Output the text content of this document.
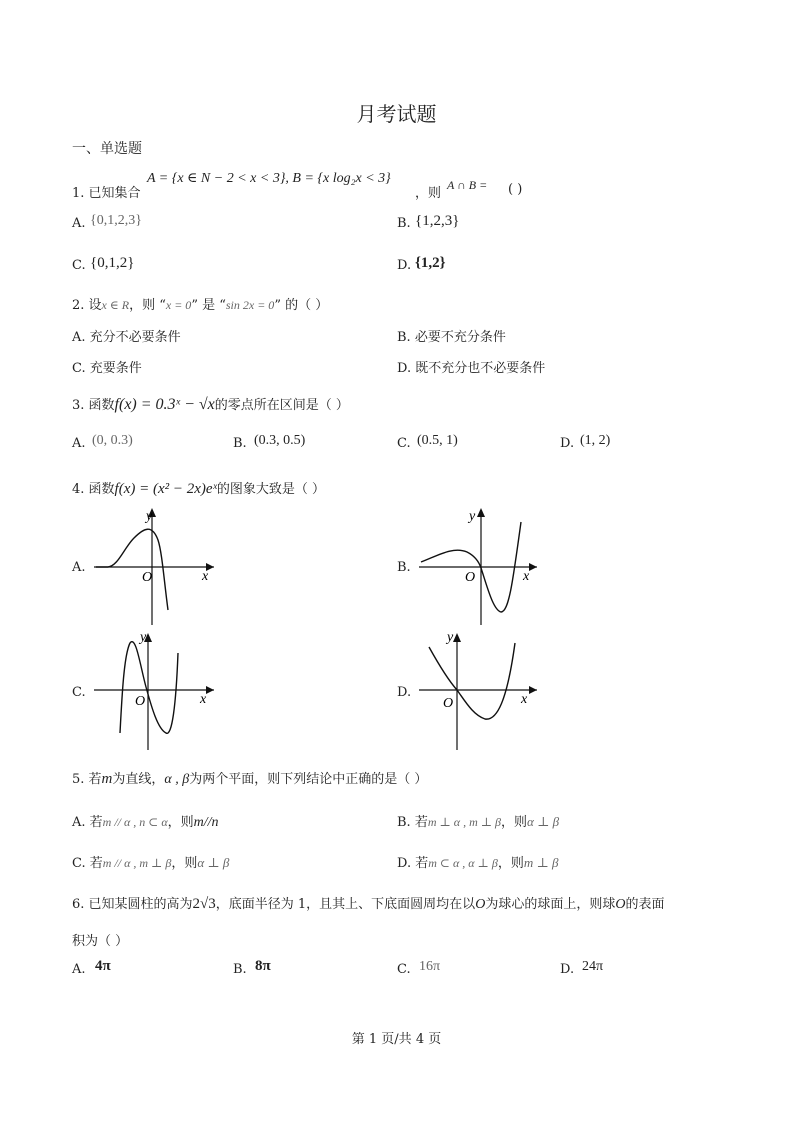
月考试题
一、单选题
1. 已知集合
A = {x ∈ N − 2 < x < 3}, B = {x log₂x < 3}
，则
A ∩ B = ( )
A. {0,1,2,3}	B. {1,2,3}
C. {0,1,2}	D. {1,2}
2. 设x ∈ R，则 “x = 0” 是 “sin 2x = 0” 的（ ）
A. 充分不必要条件	B. 必要不充分条件
C. 充要条件	D. 既不充分也不必要条件
3. 函数f(x) = 0.3ˣ − √x的零点所在区间是（ ）
A. (0, 0.3)	B. (0.3, 0.5)	C. (0.5, 1)	D. (1, 2)
4. 函数f(x) = (x² − 2x)eˣ的图象大致是（ ）
A.	B.
C.	D.
y
x
O
y
x
O
y
x
O
y
x
O
5. 若m为直线，α , β为两个平面，则下列结论中正确的是（ ）
A. 若m // α , n ⊂ α，则m//n	B. 若m ⊥ α , m ⊥ β，则α ⊥ β
C. 若m // α , m ⊥ β，则α ⊥ β	D. 若m ⊂ α , α ⊥ β，则m ⊥ β
6. 已知某圆柱的高为2√3，底面半径为 1，且其上、下底面圆周均在以O为球心的球面上，则球O的表面
积为（ ）
A. 4π	B. 8π	C. 16π	D. 24π
第 1 页/共 4 页
